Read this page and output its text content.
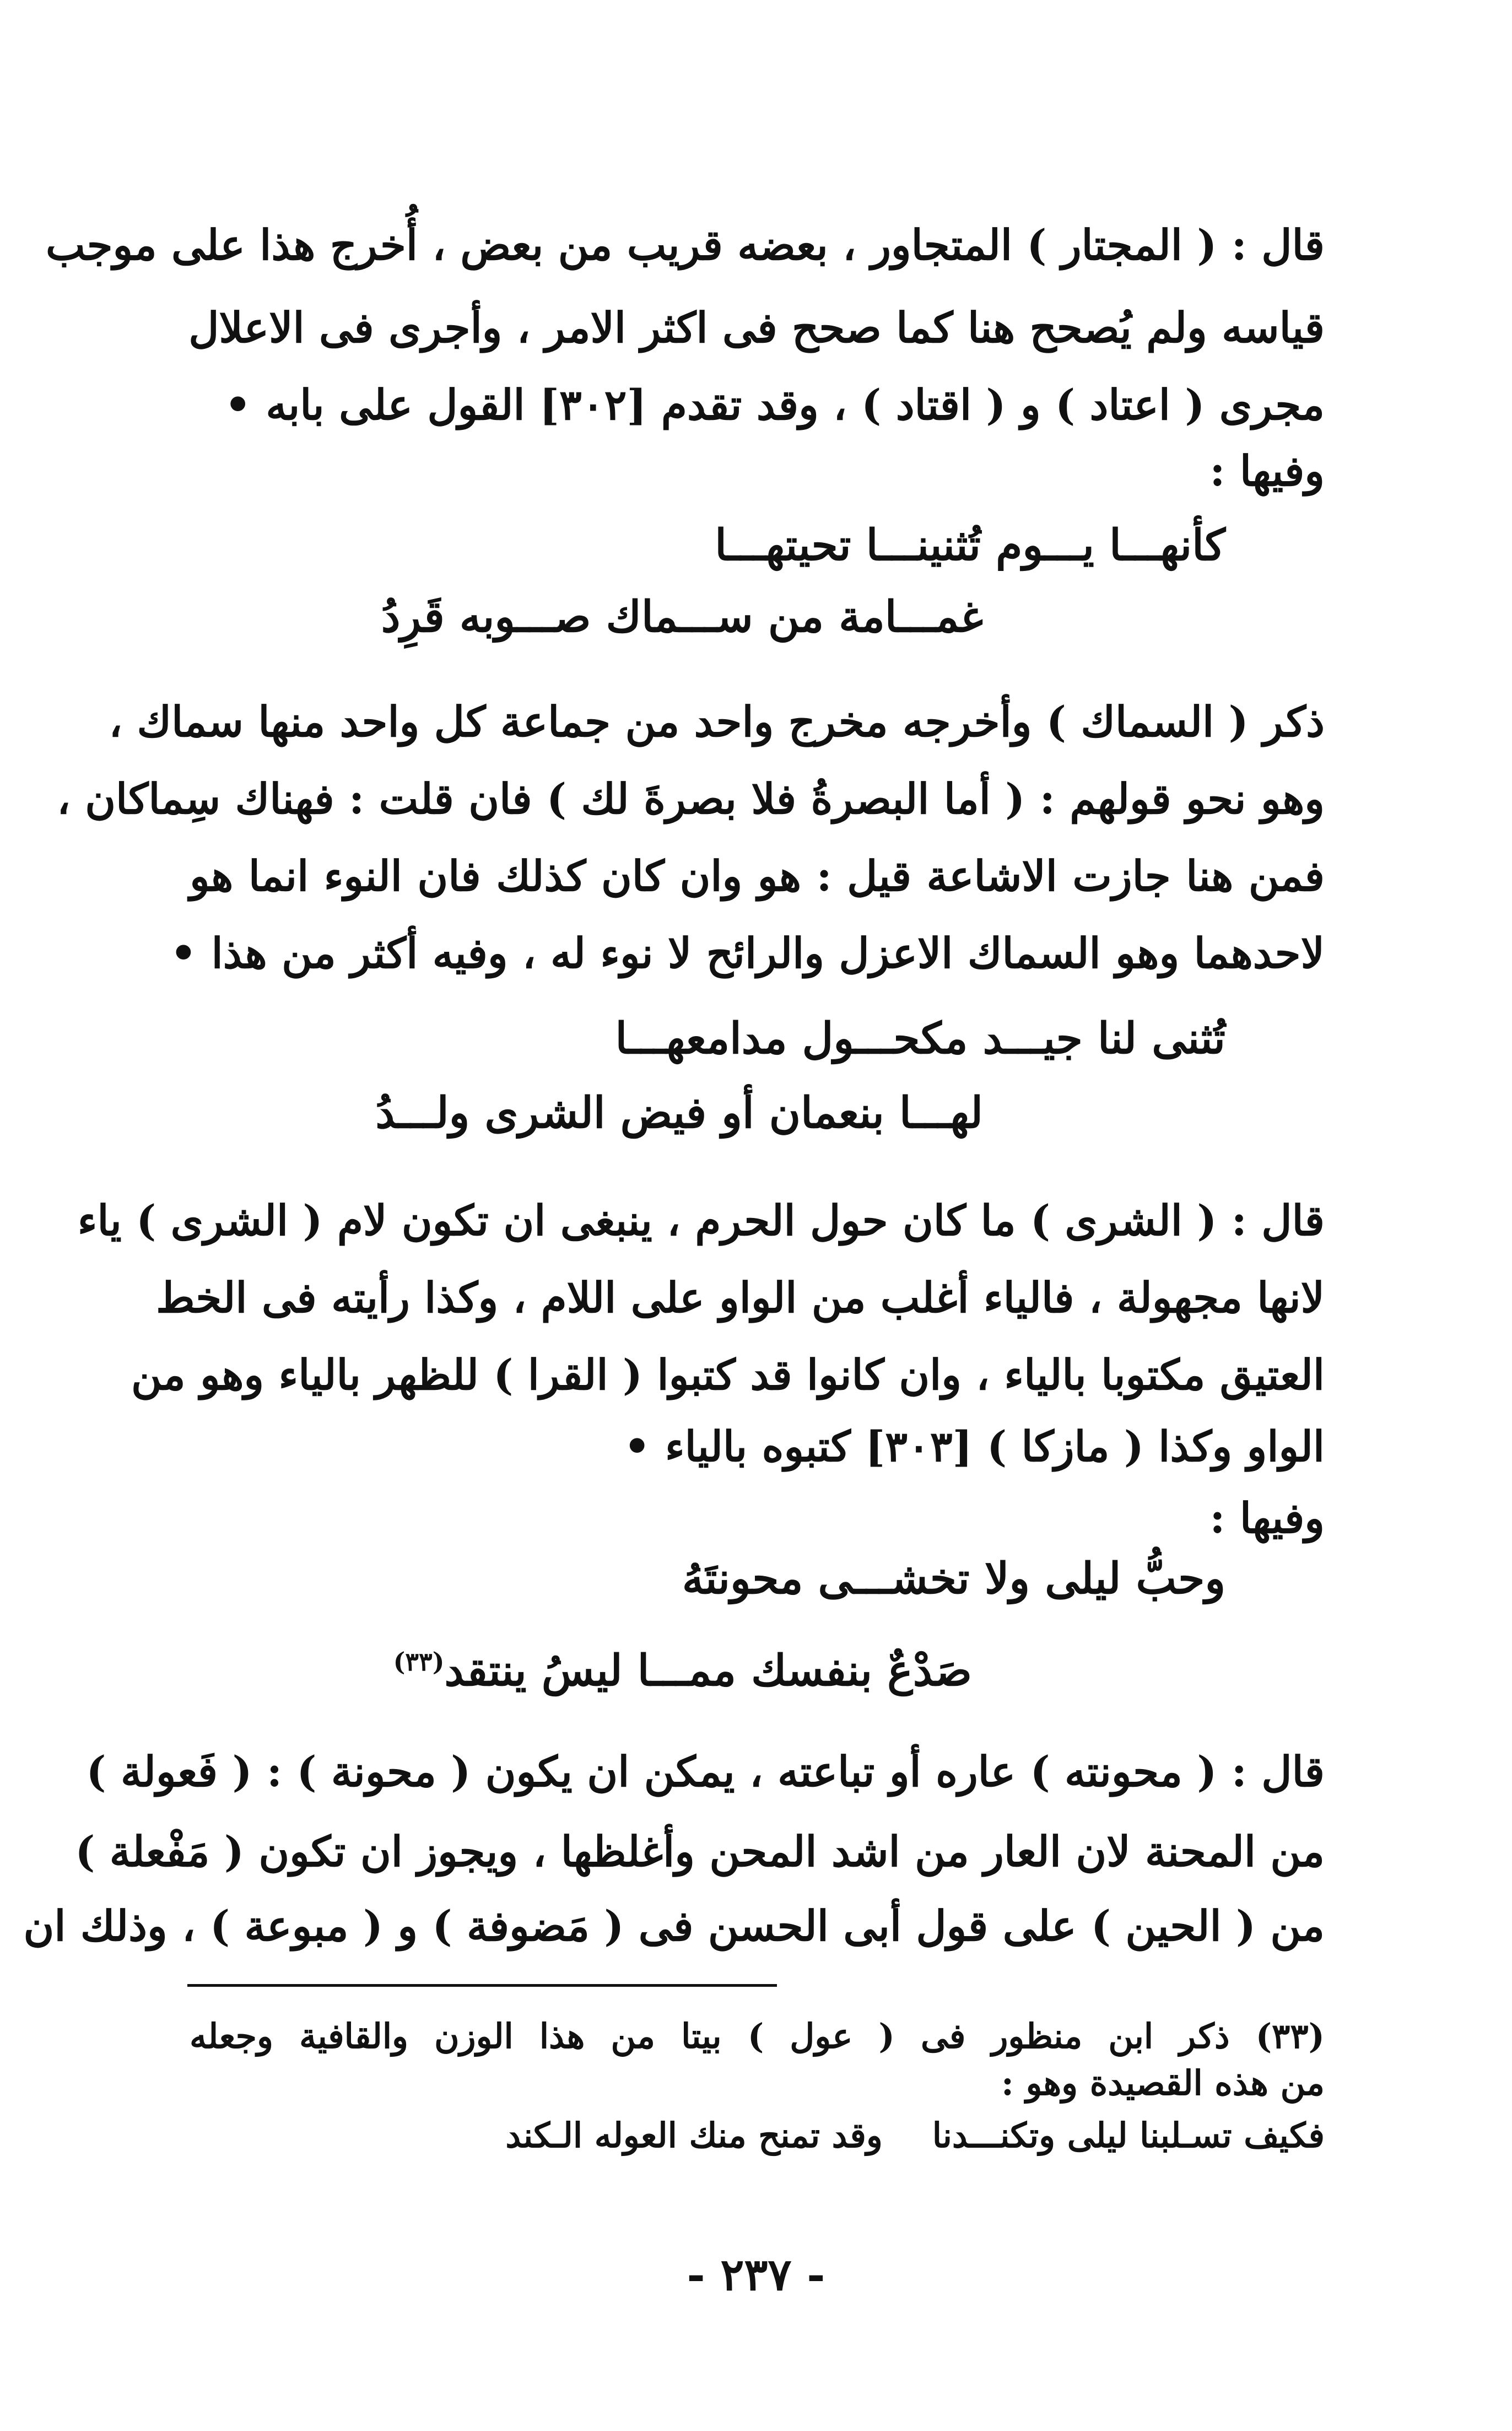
قال : ( المجتار ) المتجاور ، بعضه قريب من بعض ، أُخرج هذا على موجب
قياسه ولم يُصحح هنا كما صحح فى اكثر الامر ، وأجرى فى الاعلال
مجرى ( اعتاد ) و ( اقتاد ) ، وقد تقدم [٣٠٢] القول على بابه •
وفيها :
كأنهـــا يـــوم تُثنينـــا تحيتهـــا
غمـــامة من ســـماك صـــوبه قَرِدُ
ذكر ( السماك ) وأخرجه مخرج واحد من جماعة كل واحد منها سماك ،
وهو نحو قولهم : ( أما البصرةُ فلا بصرةَ لك ) فان قلت : فهناك سِماكان ،
فمن هنا جازت الاشاعة قيل : هو وان كان كذلك فان النوء انما هو
لاحدهما وهو السماك الاعزل والرائح لا نوء له ، وفيه أكثر من هذا •
تُثنى لنا جيـــد مكحـــول مدامعهـــا
لهـــا بنعمان أو فيض الشرى ولـــدُ
قال : ( الشرى ) ما كان حول الحرم ، ينبغى ان تكون لام ( الشرى ) ياء
لانها مجهولة ، فالياء أغلب من الواو على اللام ، وكذا رأيته فى الخط
العتيق مكتوبا بالياء ، وان كانوا قد كتبوا ( القرا ) للظهر بالياء وهو من
الواو وكذا ( مازكا ) [٣٠٣] كتبوه بالياء •
وفيها :
وحبُّ ليلى ولا تخشـــى محونتَهُ
صَدْعٌ بنفسك ممـــا ليسُ ينتقد$^{(٣٣)}$
قال : ( محونته ) عاره أو تباعته ، يمكن ان يكون ( محونة ) : ( فَعولة )
من المحنة لان العار من اشد المحن وأغلظها ، ويجوز ان تكون ( مَفْعلة )
من ( الحين ) على قول أبى الحسن فى ( مَضوفة ) و ( مبوعة ) ، وذلك ان
(٣٣) ذكر ابن منظور فى ( عول ) بيتا من هذا الوزن والقافية وجعله
من هذه القصيدة وهو :
فكيف تسـلبنا ليلى وتكنـــدناوقد تمنح منك العوله الـكند
- ٢٣٧ -
